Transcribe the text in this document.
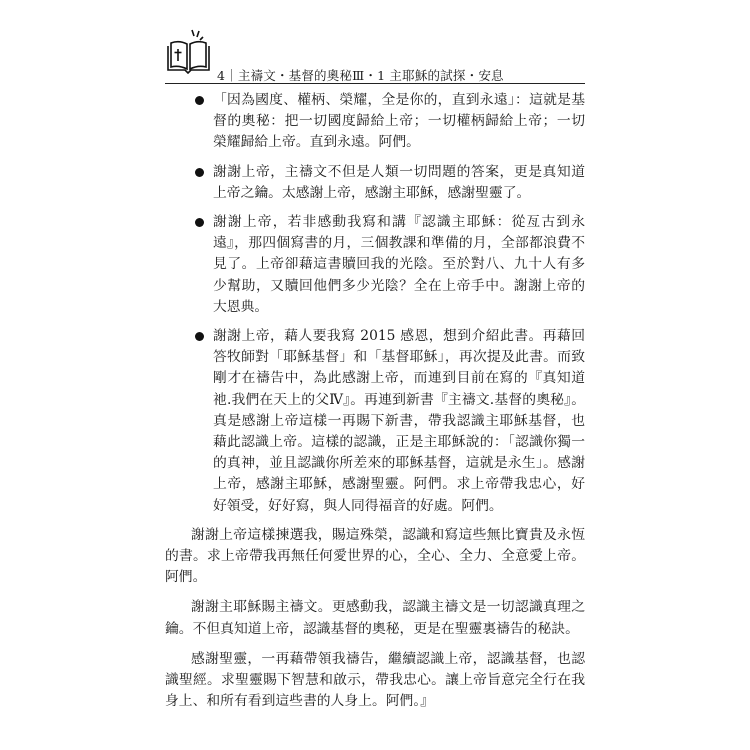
4｜主禱文・基督的奧秘Ⅲ・1 主耶穌的試探・安息
「因為國度、權柄、榮耀，全是你的，直到永遠」：這就是基督的奧秘：把一切國度歸給上帝；一切權柄歸給上帝；一切榮耀歸給上帝。直到永遠。阿們。
謝謝上帝，主禱文不但是人類一切問題的答案，更是真知道上帝之鑰。太感謝上帝，感謝主耶穌，感謝聖靈了。
謝謝上帝，若非感動我寫和講『認識主耶穌：從亙古到永遠』，那四個寫書的月，三個教課和準備的月，全部都浪費不見了。上帝卻藉這書贖回我的光陰。至於對八、九十人有多少幫助，又贖回他們多少光陰？全在上帝手中。謝謝上帝的大恩典。
謝謝上帝，藉人要我寫 2015 感恩，想到介紹此書。再藉回答牧師對「耶穌基督」和「基督耶穌」，再次提及此書。而致剛才在禱告中，為此感謝上帝，而連到目前在寫的『真知道祂.我們在天上的父Ⅳ』。再連到新書『主禱文.基督的奧秘』。真是感謝上帝這樣一再賜下新書，帶我認識主耶穌基督，也藉此認識上帝。這樣的認識，正是主耶穌說的：「認識你獨一的真神，並且認識你所差來的耶穌基督，這就是永生」。感謝上帝，感謝主耶穌，感謝聖靈。阿們。求上帝帶我忠心，好好領受，好好寫，與人同得福音的好處。阿們。

謝謝上帝這樣揀選我，賜這殊榮，認識和寫這些無比寶貴及永恆的書。求上帝帶我再無任何愛世界的心，全心、全力、全意愛上帝。阿們。

謝謝主耶穌賜主禱文。更感動我，認識主禱文是一切認識真理之鑰。不但真知道上帝，認識基督的奧秘，更是在聖靈裏禱告的秘訣。

感謝聖靈，一再藉帶領我禱告，繼續認識上帝，認識基督，也認識聖經。求聖靈賜下智慧和啟示，帶我忠心。讓上帝旨意完全行在我身上、和所有看到這些書的人身上。阿們。』
